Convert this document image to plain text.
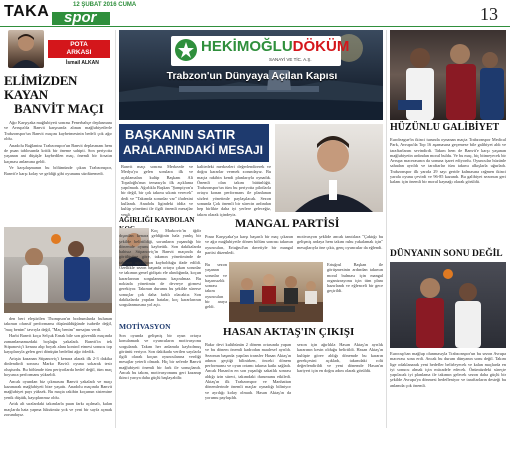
TAKA spor
12 ŞUBAT 2016 CUMA	13
POTA
ARKASI
İsmail ALKAN
ELİMİZDEN KAYAN
BANVİT MAÇI

Ağır Karşıyaka mağlubiyeti sonrası Fenerbahçe deplasmanı ve Avrupa'da Banvit karşısında alınan mağlubiyetlerle Trabzonspor'un Banvit maçını kaybetmesinin bedeli çok ağır oldu.

Anadolu Bağlantısı Trabzonspor'un Banvit deplasmanı hem de puan tablosunda kritik bir öneme sahipti. Son periyotta yaşanan ani düşüşle kaybedilen maç, önemli bir fırsatın kaçması anlamına geldi.

Ve karşılaşmanın bu bölümünde çıkan Trabzonspor, Banvit'e karşı kolay ve geldiği gibi oyununu sürdüremedi.

den beri eleştirilen Thompson'ın bodrumlarda bulunan takımın ofansif performansı düşünüldüğünde isabetle değil, ''maç benim'' tavrıyla değil, ''Maç benim'' mesajını verdi.

Harbi Banvit koçu Selçuk Ernak bile son güvenlik maçında zamanlamamızdaki boşluğu yakaladı. Banvit'in tek Stipanoviç'i kenara alıp boyalı alanı kontrol etmesi sonucu top kayıplarıyla gelen geri dönüşün bedelini ağır ödedik.

Artışta kazanan Stipanoviç'i kenara alarak ilk 2-3 dakika dinlendirdi sonrası Marko Bavis'i oyuna sokarak tesir oluşturdu. Bu bölümde tüm periyotlarda hedef değil, tüm maç boyunca performans yükseldi.

Ancak oyundan biz çıkmasını Banvit yakaladı ve maçı kazanarak mağlubiyeti bize yaşattı. Anadolu maçında Banvit mağlubiyet payı yüksek. Bu maçta rakibin koçunun sistemine yenik düştük, kayıplarımız oldu.

Artık alt sıralardaki takımlarla puan farkı açılmalı, kalan maçlarda hata yapma lüksümüz yok ve yeni bir sayfa açmak zorundayız.

HEKİMOĞLUDÖKÜM
SANAYİ VE TİC. A.Ş.
Trabzon'un Dünyaya Açılan Kapısı
BAŞKANIN SATIR
ARALARINDAKİ MESAJI
Banvit maçı sonrası Merkezde ve Medya'ya gelen sorulara ilk ve açıklamaları kulüp Başkanı Ali Topaloğlu'nun temasıyla ilk açıklama yapılmadı. Ağırlıkla Başkan "Şampiyon'u bir değil, bir çok takımı sıkıntı verecek" dedi ve "Takımda sorunlar var" ifadesini kullandı. Anadolu ligindeki iddia ve kulüp yönetimi ile ilgili önemli mesajlar verdi.
kalitedeki merkezleri değerlendirerek ve doğru kararlar vermek zorundayız. Bu maçta rakibin kendi planlarıyla oynadık. Önemli olan takım bütünlüğü. Trabzonspor'un tüm bu periyotta pilotlarla ortaya konan performans ile planlanan sözleri yönetimle paylaşılacak. Sezon sonunda Çok önemli bir sürecin ardından hep birlikte daha iyi yerlere geleceğiz, takım olarak içindeyiz.
AĞIRLIĞI KAYBOLAN
Koç Markovic'in iğdir dışından kenara geldiğinin hala yanlış bir şekilde belirtildiği, sorunların yaşandığı bir dönemde oyunu kaybettik. Son dakikalarda bahtsız Stipanoviç'in Banvit maçında da görülüşüne göre, takımın yönetiminde de takımın ağırlığının kaybolduğu ifade edildi. Özellikle sezon başında ortaya çıkan sorunlar ve takımın genel gidişatı ele alındığında, koçun kararlarının sorgulanması kaçınılmaz. Bu noktada yönetimin de devreye girmesi gerekiyor. Takımın durumu bu şekilde sürerse sonuçlar çok daha farklı olacaktır. Son dakikalarda yapılan hatalar, koç kararlarının sorgulanmasına yol açtı.
MOTİVASYON
Son oyunda gelişmiş bir oyun ortaya konulamadı ve oyuncuların motivasyonu sorgulandı. Takım her anlamda kaybolmuş görüntü veriyor. Son dakikada verilen sayılarla ilgili olarak koçun oyuncularına verdiği mesajlar yeterli olmadı. Hiç bir seferde Banvit mağlubiyeti önemli bir fark ile sonuçlandı. Ancak bu takım, motivasyonunu geri kazanıp ikinci yarıya daha güçlü başlayabilir.
MANGAL PARTİSİ
Pınar Karşıyaka'ya karşı başarılı bir maç çıkaran ve ağır mağlubiyetle dönen bölüm sonrası takımın oyuncuları, Ertuğrul'un davetiyle bir mangal partisi düzenledi.
motivasyon şeklide ancak tanıtılara "Çaktığı bu gelişmiş ardaya hem takım ruhu yakalamak için" mesajlarıyla öne çıktı, genç oyuncular da eğlendi.
Bu sezon yaşanan sorunlar ve başarısızlık sonrası takım oyuncuları bir araya geldi.
Ertuğrul Başkan ile görüşmesinin ardından takımın moral bulması için mangal organizasyonu için tüm planı hazırlandı ve eğlenceli bir gece geçirildi.
HASAN AKTAŞ'IN ÇIKIŞI
Bakır devi kulübünün 2 dönem ortasında yapan ve bu dönem önemli kadrodan maalesef ayrıldı. Sezonun başında yapılan transfer Hasan Aktaş'ın adının geçtiği bilinirken, önceki dönem performansı ve oyun ortamı takıma katkı sağladı. Ancak Hasan'ın en son yaşadığı sakatlık sonrası aldığı izin süreci, takımdaki durumunu etkiledi. Aktaş'ın ilk Trabzonspor ve Manhattan dönemlerinde önemli maçlar oynadığı biliniyor ve ayrılığı kolay olmadı. Hasan Aktaş'ın da yorumu paylaşıldı.
sezon için ağırlıkla Hasan Aktaş'ın ayrılık kararının kesin olduğu belirtildi. Hasan Aktaş'ın kulüpte görev aldığı dönemde bu kararın gerekçesini açıkladı, takımdaki rolü değerlendirildi ve yeni dönemde Hasan'ın kariyeri için en doğru adım olarak görüldü.
HÜZÜNLU GALİBİYET
Euroleague'in ikinci turunda oynanan maçta Trabzonspor Medical Park, Avrupa'da Top 16 aşamasına geçemese bile galibiyet aldı ve taraftarlarını sevindirdi. Takım hem de Banvit'e karşı yaşanan mağlubiyetin ardından moral buldu. Ve bu maç, hiç bitmeyecek bir Avrupa macerasının da sonuna işaret ediyordu. Oyuncular hüzünle sahadan ayrıldı ve taraftarlar tüm takımı alkışlarla uğurladı. Trabzonspor ilk yarıda 29 sayı geride kalmasına rağmen ikinci yarıda oyunu çevirdi ve 96-85 kazandı. Bu galibiyet sezonun geri kalanı için önemli bir moral kaynağı olarak görüldü.
DÜNYANIN SONU DEĞİL
Eurocup'tan mağlup olunmasıyla Trabzonspor'un bu sezon Avrupa macerası sona erdi. Ancak bu durum dünyanın sonu değil. Takım lige odaklanarak yeni hedefler belirleyecek ve kalan maçlarda en iyi sonucu almak için mücadele edecek. Önümüzdeki süreçte yapılacak iyi planlama ile takımın gelecek sezon daha güçlü bir şekilde Avrupa'ya dönmesi hedefleniyor ve taraftarların desteği bu anlamda çok önemli.
